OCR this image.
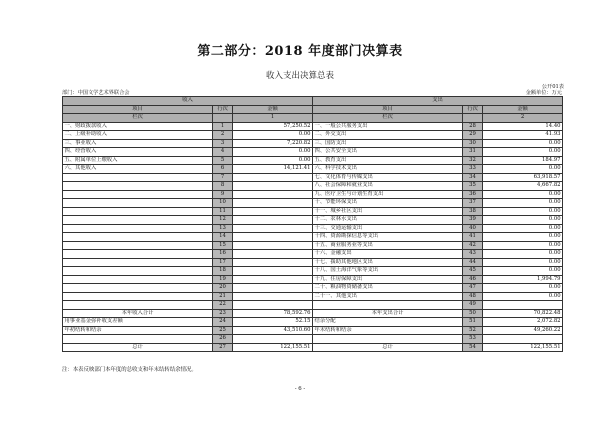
第二部分：2018 年度部门决算表
收入支出决算总表
公开01表
部门：中国文学艺术界联合会	金额单位：万元
收入			支出		
项目	行次	金额	项目	行次	金额
栏次		1	栏次		2
一、财政拨款收入	1	57,250.52	一、一般公共服务支出	28	14.40
二、上级补助收入	2	0.00	二、外交支出	29	41.93
三、事业收入	3	7,220.82	三、国防支出	30	0.00
四、经营收入	4	0.00	四、公共安全支出	31	0.00
五、附属单位上缴收入	5	0.00	五、教育支出	32	184.97
六、其他收入	6	14,121.41	六、科学技术支出	33	0.00
	7		七、文化体育与传媒支出	34	63,918.57
	8		八、社会保障和就业支出	35	4,667.82
	9		九、医疗卫生与计划生育支出	36	0.00
	10		十、节能环保支出	37	0.00
	11		十一、城乡社区支出	38	0.00
	12		十二、农林水支出	39	0.00
	13		十三、交通运输支出	40	0.00
	14		十四、资源勘探信息等支出	41	0.00
	15		十五、商业服务业等支出	42	0.00
	16		十六、金融支出	43	0.00
	17		十七、援助其他地区支出	44	0.00
	18		十八、国土海洋气象等支出	45	0.00
	19		十九、住房保障支出	46	1,994.79
	20		二十、粮油物资储备支出	47	0.00
	21		二十一、其他支出	48	0.00
	22			49	
本年收入合计	23	78,592.76	本年支出合计	50	70,822.48
用事业基金弥补收支差额	24	52.15	结余分配	51	2,072.82
年初结转和结余	25	43,510.60	年末结转和结余	52	49,260.22
	26			53	
总计	27	122,155.51	总计	54	122,155.51
注：本表反映部门本年度的总收支和年末结转结余情况。
- 6 -
